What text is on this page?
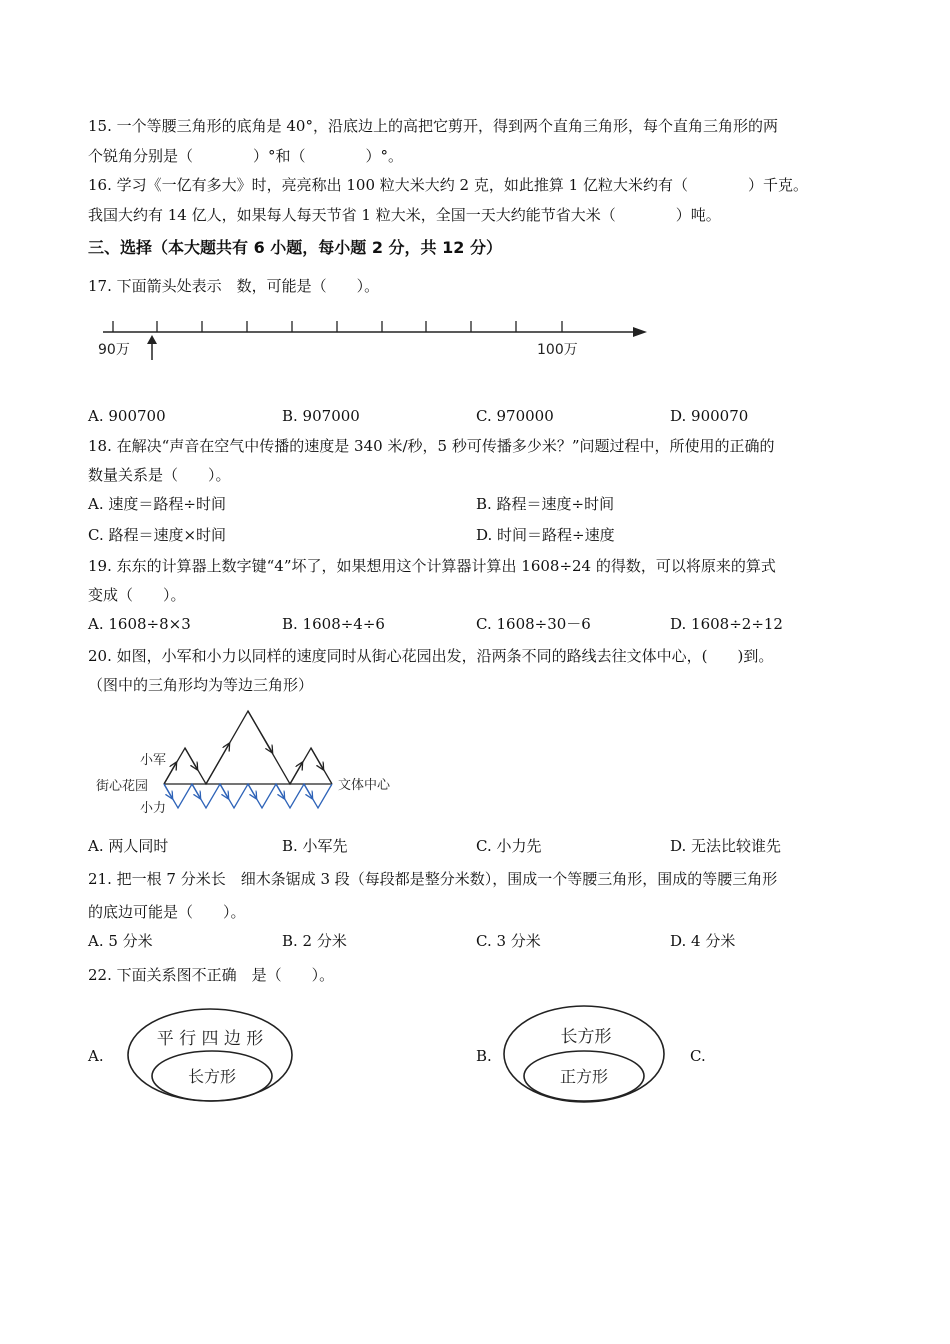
15. 一个等腰三角形的底角是 40°，沿底边上的高把它剪开，得到两个直角三角形，每个直角三角形的两
个锐角分别是（　　　　）°和（　　　　）°。
16. 学习《一亿有多大》时，亮亮称出 100 粒大米大约 2 克，如此推算 1 亿粒大米约有（　　　　）千克。
我国大约有 14 亿人，如果每人每天节省 1 粒大米，全国一天大约能节省大米（　　　　）吨。
三、选择（本大题共有 6 小题，每小题 2 分，共 12 分）
17. 下面箭头处表示　数，可能是（　　）。
90万	100万
A. 900700	B. 907000	C. 970000	D. 900070
18. 在解决“声音在空气中传播的速度是 340 米/秒，5 秒可传播多少米？”问题过程中，所使用的正确的
数量关系是（　　）。
A. 速度＝路程÷时间	B. 路程＝速度÷时间
C. 路程＝速度×时间	D. 时间＝路程÷速度
19. 东东的计算器上数字键“4”坏了，如果想用这个计算器计算出 1608÷24 的得数，可以将原来的算式
变成（　　）。
A. 1608÷8×3	B. 1608÷4÷6	C. 1608÷30－6	D. 1608÷2÷12
20. 如图，小军和小力以同样的速度同时从街心花园出发，沿两条不同的路线去往文体中心，(　　)到。
（图中的三角形均为等边三角形）
小军
街心花园
小力
文体中心
A. 两人同时	B. 小军先	C. 小力先	D. 无法比较谁先
21. 把一根 7 分米长　细木条锯成 3 段（每段都是整分米数），围成一个等腰三角形，围成的等腰三角形
的底边可能是（　　）。
A. 5 分米	B. 2 分米	C. 3 分米	D. 4 分米
22. 下面关系图不正确　是（　　）。
A.
平 行 四 边 形
长方形
B.
长方形
正方形
C.
